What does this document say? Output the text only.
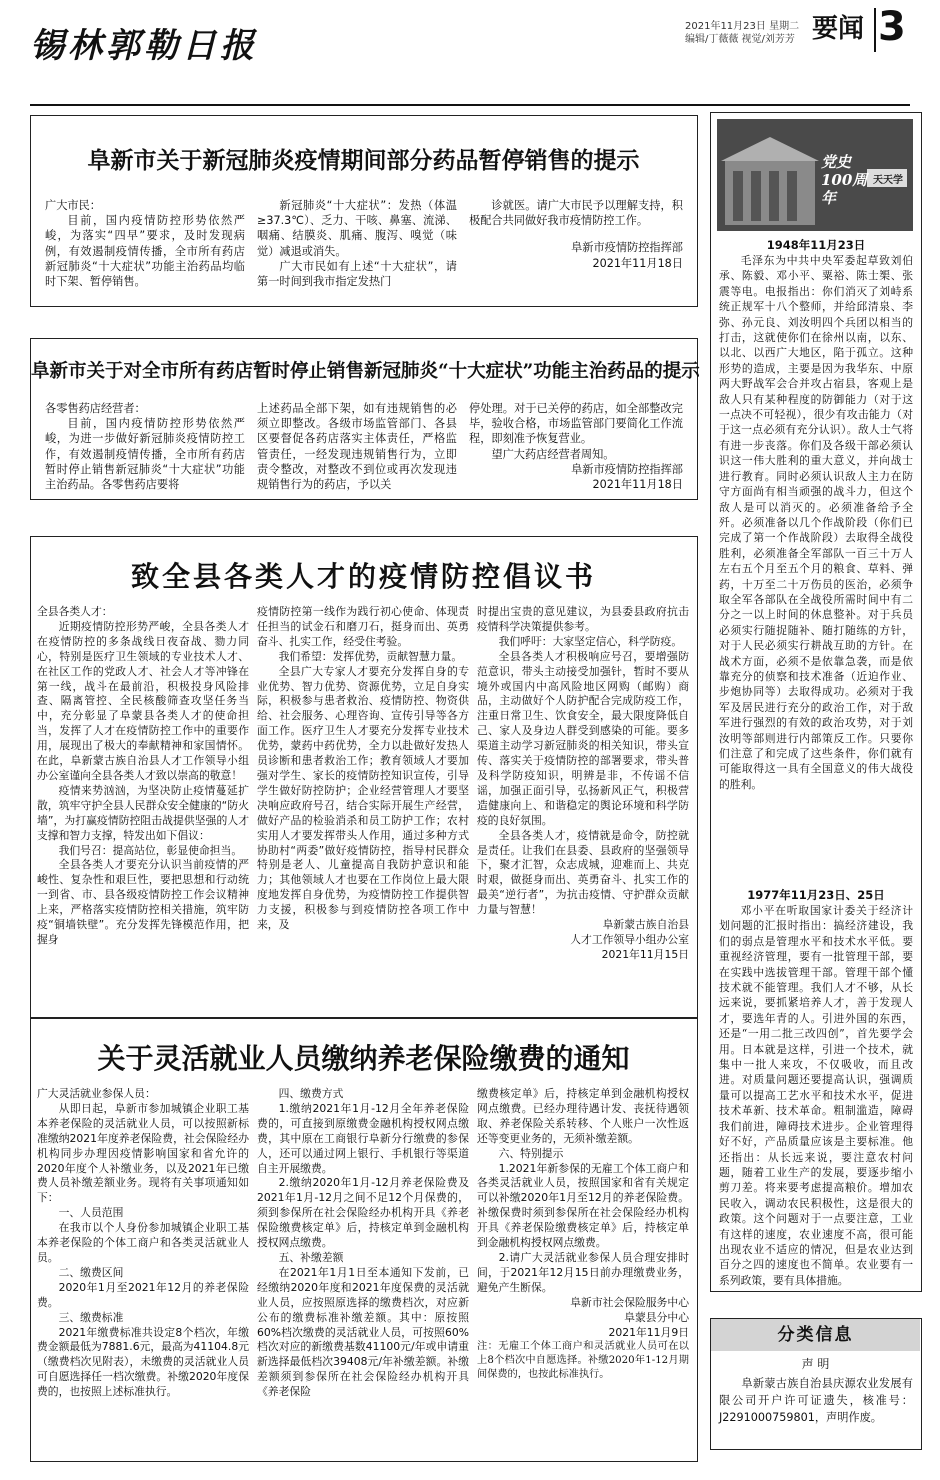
锡林郭勒日报	2021年11月23日 星期二
编辑/丁薇薇 视觉/刘芳芳 要闻 3
阜新市关于新冠肺炎疫情期间部分药品暂停销售的提示

广大市民：

目前，国内疫情防控形势依然严峻，为落实“四早”要求，及时发现病例，有效遏制疫情传播，全市所有药店新冠肺炎“十大症状”功能主治药品均临时下架、暂停销售。

新冠肺炎“十大症状”：发热（体温≥37.3℃）、乏力、干咳、鼻塞、流涕、咽痛、结膜炎、肌痛、腹泻、嗅觉（味觉）减退或消失。

广大市民如有上述“十大症状”，请第一时间到我市指定发热门

诊就医。请广大市民予以理解支持，积极配合共同做好我市疫情防控工作。

阜新市疫情防控指挥部

2021年11月18日

阜新市关于对全市所有药店暂时停止销售新冠肺炎“十大症状”功能主治药品的提示

各零售药店经营者：

目前，国内疫情防控形势依然严峻，为进一步做好新冠肺炎疫情防控工作，有效遏制疫情传播，全市所有药店暂时停止销售新冠肺炎“十大症状”功能主治药品。各零售药店要将

上述药品全部下架，如有违规销售的必须立即整改。各级市场监管部门、各县区要督促各药店落实主体责任，严格监管责任，一经发现违规销售行为，立即责令整改，对整改不到位或再次发现违规销售行为的药店，予以关

停处理。对于已关停的药店，如全部整改完毕，验收合格，市场监管部门要简化工作流程，即刻准予恢复营业。

望广大药店经营者周知。

阜新市疫情防控指挥部

2021年11月18日

致全县各类人才的疫情防控倡议书

全县各类人才：

近期疫情防控形势严峻，全县各类人才在疫情防控的多条战线日夜奋战、勠力同心，特别是医疗卫生领域的专业技术人才、在社区工作的党政人才、社会人才等冲锋在第一线，战斗在最前沿，积极投身风险排查、隔离管控、全民核酸筛查攻坚任务当中，充分彰显了阜蒙县各类人才的使命担当，发挥了人才在疫情防控工作中的重要作用，展现出了极大的奉献精神和家国情怀。在此，阜新蒙古族自治县人才工作领导小组办公室谨向全县各类人才致以崇高的敬意！

疫情来势汹汹，为坚决防止疫情蔓延扩散，筑牢守护全县人民群众安全健康的“防火墙”，为打赢疫情防控阻击战提供坚强的人才支撑和智力支撑，特发出如下倡议：

我们号召：提高站位，彰显使命担当。

全县各类人才要充分认识当前疫情的严峻性、复杂性和艰巨性，要把思想和行动统一到省、市、县各级疫情防控工作会议精神上来，严格落实疫情防控相关措施，筑牢防疫“铜墙铁壁”。充分发挥先锋模范作用，把握身

疫情防控第一线作为践行初心使命、体现责任担当的试金石和磨刀石，挺身而出、英勇奋斗、扎实工作，经受住考验。

我们希望：发挥优势，贡献智慧力量。

全县广大专家人才要充分发挥自身的专业优势、智力优势、资源优势，立足自身实际，积极参与患者救治、疫情防控、物资供给、社会服务、心理咨询、宣传引导等各方面工作。医疗卫生人才要充分发挥专业技术优势，蒙药中药优势，全力以赴做好发热人员诊断和患者救治工作；教育领域人才要加强对学生、家长的疫情防控知识宣传，引导学生做好防控防护；企业经营管理人才要坚决响应政府号召，结合实际开展生产经营，做好产品的检验消杀和员工防护工作；农村实用人才要发挥带头人作用，通过多种方式协助村“两委”做好疫情防控，指导村民群众特别是老人、儿童提高自我防护意识和能力；其他领域人才也要在工作岗位上最大限度地发挥自身优势，为疫情防控工作提供智力支援，积极参与到疫情防控各项工作中来，及

时提出宝贵的意见建议，为县委县政府抗击疫情科学决策提供参考。

我们呼吁：大家坚定信心，科学防疫。

全县各类人才积极响应号召，要增强防范意识，带头主动接受加强针，暂时不要从境外或国内中高风险地区网购（邮购）商品，主动做好个人防护配合完成防疫工作，注重日常卫生、饮食安全，最大限度降低自己、家人及身边人群受到感染的可能。要多渠道主动学习新冠肺炎的相关知识，带头宣传、落实关于疫情防控的部署要求，带头普及科学防疫知识，明辨是非，不传谣不信谣，加强正面引导，弘扬新风正气，积极营造健康向上、和谐稳定的舆论环境和科学防疫的良好氛围。

全县各类人才，疫情就是命令，防控就是责任。让我们在县委、县政府的坚强领导下，聚才汇智，众志成城，迎难而上、共克时艰，做挺身而出、英勇奋斗、扎实工作的最美“逆行者”，为抗击疫情、守护群众贡献力量与智慧！

阜新蒙古族自治县

人才工作领导小组办公室

2021年11月15日

关于灵活就业人员缴纳养老保险缴费的通知

广大灵活就业参保人员：

从即日起，阜新市参加城镇企业职工基本养老保险的灵活就业人员，可以按照新标准缴纳2021年度养老保险费，社会保险经办机构同步办理因疫情影响国家和省允许的2020年度个人补缴业务，以及2021年已缴费人员补缴差额业务。现将有关事项通知如下：

一、人员范围

在我市以个人身份参加城镇企业职工基本养老保险的个体工商户和各类灵活就业人员。

二、缴费区间

2020年1月至2021年12月的养老保险费。

三、缴费标准

2021年缴费标准共设定8个档次，年缴费金额最低为7881.6元，最高为41104.8元（缴费档次见附表），未缴费的灵活就业人员可自愿选择任一档次缴费。补缴2020年度保费的，也按照上述标准执行。

四、缴费方式

1.缴纳2021年1月-12月全年养老保险费的，可直接到原缴费金融机构授权网点缴费，其中原在工商银行阜新分行缴费的参保人，还可以通过网上银行、手机银行等渠道自主开展缴费。

2.缴纳2020年1月-12月养老保险费及2021年1月-12月之间不足12个月保费的，须到参保所在社会保险经办机构开具《养老保险缴费核定单》后，持核定单到金融机构授权网点缴费。

五、补缴差额

在2021年1月1日至本通知下发前，已经缴纳2020年度和2021年度保费的灵活就业人员，应按照原选择的缴费档次，对应新公布的缴费标准补缴差额。其中：原按照60%档次缴费的灵活就业人员，可按照60%档次对应的新缴费基数41100元/年或申请重新选择最低档次39408元/年补缴差额。补缴差额须到参保所在社会保险经办机构开具《养老保险

缴费核定单》后，持核定单到金融机构授权网点缴费。已经办理待遇计发、丧抚待遇领取、养老保险关系转移、个人账户一次性返还等变更业务的，无须补缴差额。

六、特别提示

1.2021年新参保的无雇工个体工商户和各类灵活就业人员，按照国家和省有关规定可以补缴2020年1月至12月的养老保险费。补缴保费时须到参保所在社会保险经办机构开具《养老保险缴费核定单》后，持核定单到金融机构授权网点缴费。

2.请广大灵活就业参保人员合理安排时间，于2021年12月15日前办理缴费业务，避免产生断保。

阜新市社会保险服务中心

阜蒙县分中心

2021年11月9日

注：无雇工个体工商户和灵活就业人员可在以上8个档次中自愿选择。补缴2020年1-12月期间保费的，也按此标准执行。

党史100周年
天天学
1948年11月23日

毛泽东为中共中央军委起草致刘伯承、陈毅、邓小平、粟裕、陈士榘、张震等电。电报指出：你们消灭了刘峙系统正规军十八个整师，并给邱清泉、李弥、孙元良、刘汝明四个兵团以相当的打击，这就使你们在徐州以南，以东、以北、以西广大地区，陷于孤立。这种形势的造成，主要是因为我华东、中原两大野战军会合并攻占宿县，客观上是敌人只有某种程度的防御能力（对于这一点决不可轻视），很少有攻击能力（对于这一点必须有充分认识）。敌人士气将有进一步丧落。你们及各级干部必须认识这一伟大胜利的重大意义，并向战士进行教育。同时必须认识敌人主力在防守方面尚有相当顽强的战斗力，但这个敌人是可以消灭的。必须准备给予全歼。必须准备以几个作战阶段（你们已完成了第一个作战阶段）去取得全战役胜利，必须准备全军部队一百三十万人左右五个月至五个月的粮食、草料、弹药，十万至二十万伤员的医治，必须争取全军各部队在全战役所需时间中有二分之一以上时间的休息整补。对于兵员必须实行随捉随补、随打随练的方针，对于人民必须实行耕战互助的方针。在战术方面，必须不是依靠急袭，而是依靠充分的侦察和技术准备（近迫作业、步炮协同等）去取得成功。必须对于我军及居民进行充分的政治工作，对于敌军进行强烈的有效的政治攻势，对于刘汝明等部则进行内部策反工作。只要你们注意了和完成了这些条件，你们就有可能取得这一具有全国意义的伟大战役的胜利。

1977年11月23日、25日

邓小平在听取国家计委关于经济计划问题的汇报时指出：搞经济建设，我们的弱点是管理水平和技术水平低。要重视经济管理，要有一批管理干部，要在实践中选拔管理干部。管理干部个懂技术就不能管理。我们人才不够，从长远来说，要抓紧培养人才，善于发现人才，要选年青的人。引进外国的东西，还是“一用二批三改四创”，首先要学会用。日本就是这样，引进一个技术，就集中一批人来攻，不仅吸收，而且改进。对质量问题还要提高认识，强调质量可以提高工艺水平和技术水平，促进技术革新、技术革命。粗制滥造，障碍我们前进，障碍技术进步。企业管理得好不好，产品质量应该是主要标准。他还指出：从长远来说，要注意农村问题，随着工业生产的发展，要逐步缩小剪刀差。将来要考虑提高粮价。增加农民收入，调动农民积极性，这是很大的政策。这个问题对于一点要注意，工业有这样的速度，农业速度不高，很可能出现农业不适应的情况，但是农业达到百分之四的速度也不简单。农业要有一系列政策，要有具体措施。

分类信息
声 明
阜新蒙古族自治县庆源农业发展有限公司开户许可证遗失，核准号：J2291000759801，声明作废。
